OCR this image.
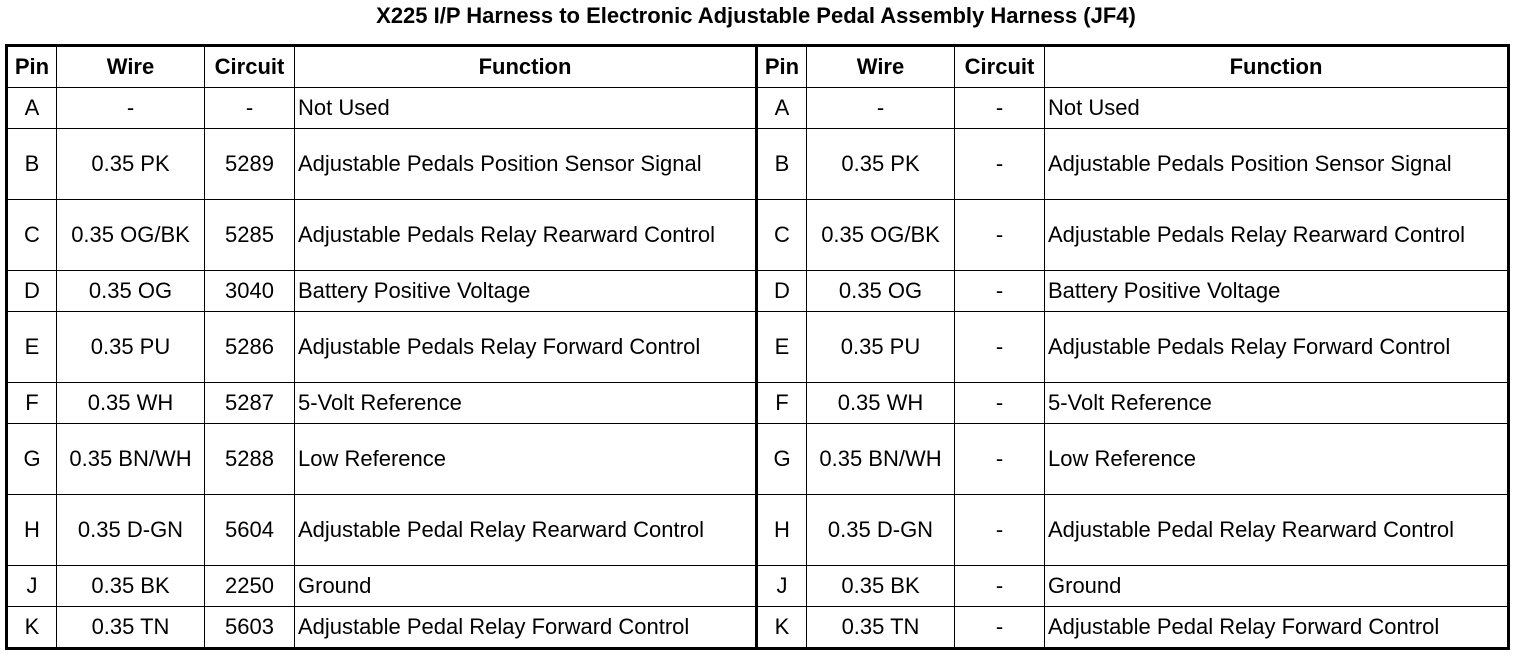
X225 I/P Harness to Electronic Adjustable Pedal Assembly Harness (JF4)
Pin	Wire	Circuit	Function	Pin	Wire	Circuit	Function
A	-	-	Not Used	A	-	-	Not Used
B	0.35 PK	5289	Adjustable Pedals Position Sensor Signal	B	0.35 PK	-	Adjustable Pedals Position Sensor Signal
C	0.35 OG/BK	5285	Adjustable Pedals Relay Rearward Control	C	0.35 OG/BK	-	Adjustable Pedals Relay Rearward Control
D	0.35 OG	3040	Battery Positive Voltage	D	0.35 OG	-	Battery Positive Voltage
E	0.35 PU	5286	Adjustable Pedals Relay Forward Control	E	0.35 PU	-	Adjustable Pedals Relay Forward Control
F	0.35 WH	5287	5-Volt Reference	F	0.35 WH	-	5-Volt Reference
G	0.35 BN/WH	5288	Low Reference	G	0.35 BN/WH	-	Low Reference
H	0.35 D-GN	5604	Adjustable Pedal Relay Rearward Control	H	0.35 D-GN	-	Adjustable Pedal Relay Rearward Control
J	0.35 BK	2250	Ground	J	0.35 BK	-	Ground
K	0.35 TN	5603	Adjustable Pedal Relay Forward Control	K	0.35 TN	-	Adjustable Pedal Relay Forward Control
